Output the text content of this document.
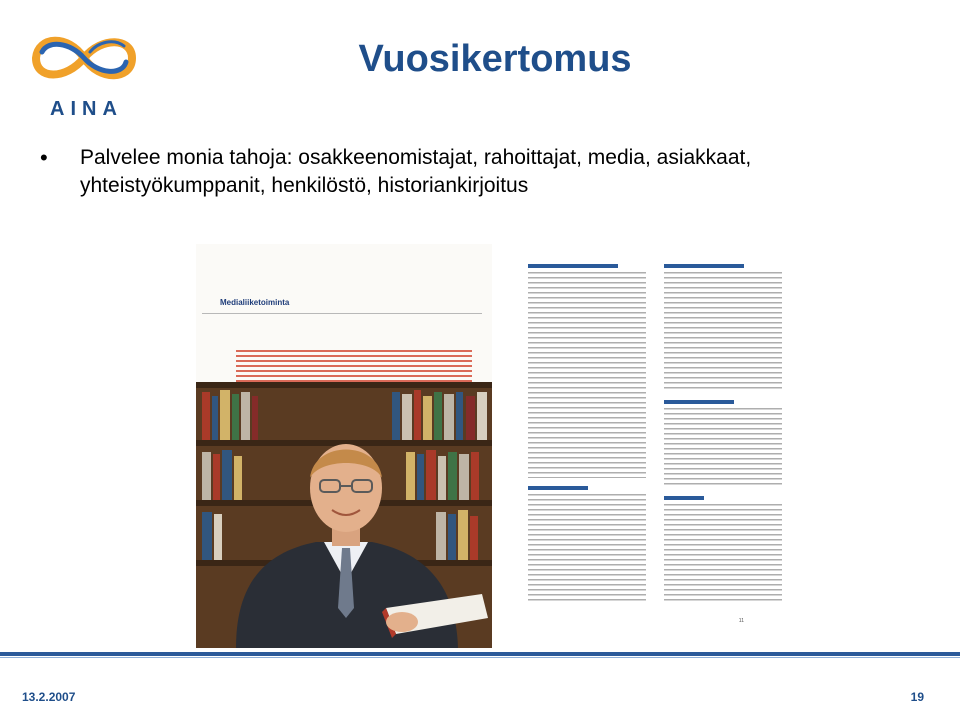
AINA
Vuosikertomus
• Palvelee monia tahoja: osakkeenomistajat, rahoittajat, media, asiakkaat, yhteistyökumppanit, henkilöstö, historiankirjoitus
Medialiiketoiminta
11
13.2.2007	19
